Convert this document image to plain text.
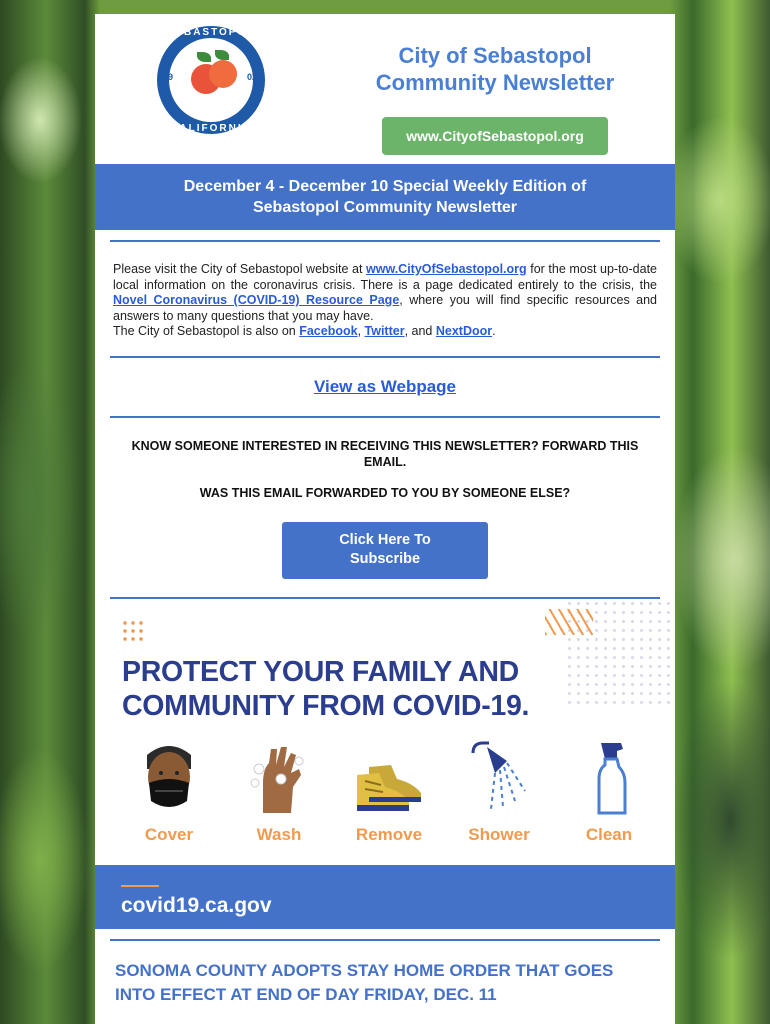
SEBASTOPOL
19	02
CALIFORNIA
City of Sebastopol
Community Newsletter
www.CityofSebastopol.org
December 4 - December 10 Special Weekly Edition of
Sebastopol Community Newsletter
Please visit the City of Sebastopol website at www.CityOfSebastopol.org for the most up-to-date local information on the coronavirus crisis. There is a page dedicated entirely to the crisis, the Novel Coronavirus (COVID-19) Resource Page, where you will find specific resources and answers to many questions that you may have.
The City of Sebastopol is also on Facebook, Twitter, and NextDoor.
View as Webpage
KNOW SOMEONE INTERESTED IN RECEIVING THIS NEWSLETTER? FORWARD THIS EMAIL.
WAS THIS EMAIL FORWARDED TO YOU BY SOMEONE ELSE?
Click Here To
Subscribe
PROTECT YOUR FAMILY AND
COMMUNITY FROM COVID-19.
Cover	Wash	Remove	Shower	Clean
covid19.ca.gov
SONOMA COUNTY ADOPTS STAY HOME ORDER THAT GOES INTO EFFECT AT END OF DAY FRIDAY, DEC. 11
